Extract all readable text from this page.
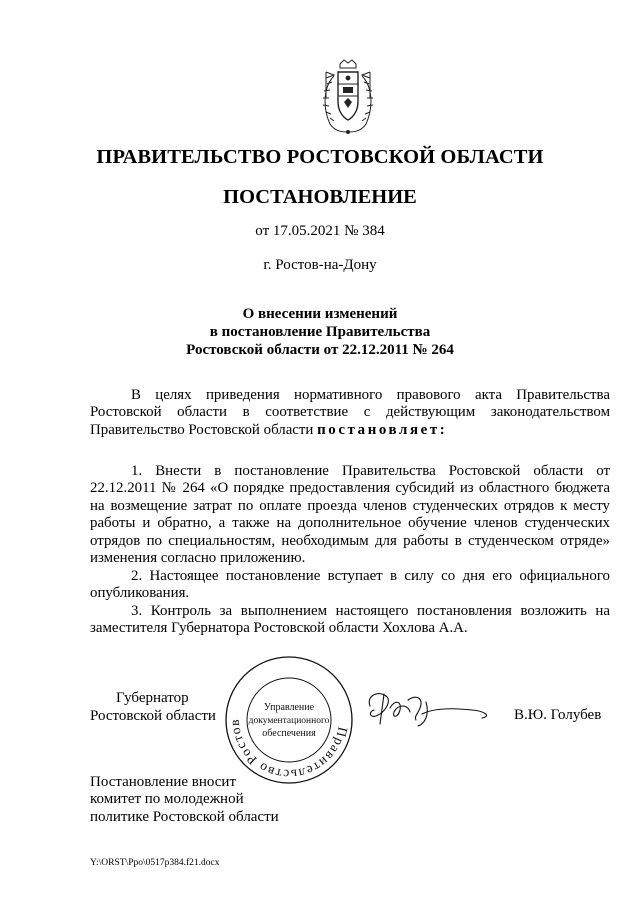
ПРАВИТЕЛЬСТВО РОСТОВСКОЙ ОБЛАСТИ
ПОСТАНОВЛЕНИЕ
от 17.05.2021 № 384
г. Ростов-на-Дону
О внесении изменений
в постановление Правительства
Ростовской области от 22.12.2011 № 264
В целях приведения нормативного правового акта Правительства Ростовской области в соответствие с действующим законодательством Правительство Ростовской области постановляет:
1. Внести в постановление Правительства Ростовской области от 22.12.2011 № 264 «О порядке предоставления субсидий из областного бюджета на возмещение затрат по оплате проезда членов студенческих отрядов к месту работы и обратно, а также на дополнительное обучение членов студенческих отрядов по специальностям, необходимым для работы в студенческом отряде» изменения согласно приложению.
2. Настоящее постановление вступает в силу со дня его официального опубликования.
3. Контроль за выполнением настоящего постановления возложить на заместителя Губернатора Ростовской области Хохлова А.А.
Губернатор
Ростовской области
Правительство Ростов
Управление
документационного
обеспечения
В.Ю. Голубев
Постановление вносит
комитет по молодежной
политике Ростовской области
Y:\ORST\Ppo\0517p384.f21.docx
